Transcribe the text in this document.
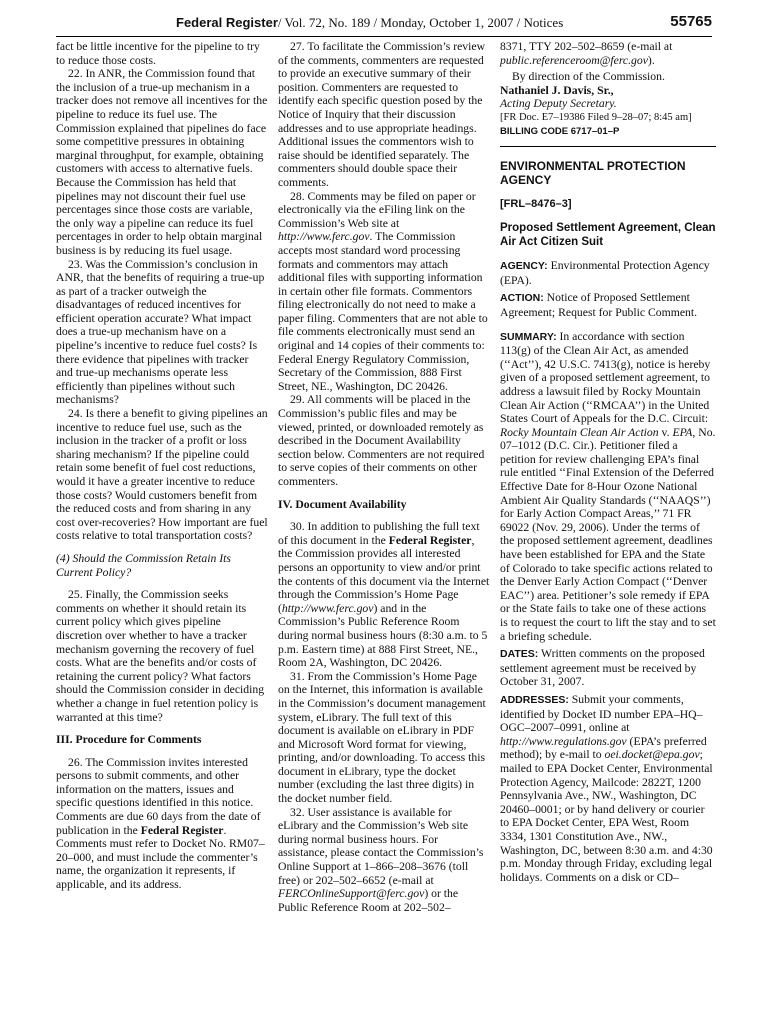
Federal Register/ Vol. 72, No. 189 / Monday, October 1, 2007 / Notices	55765

fact be little incentive for the pipeline to try to reduce those costs.

22. In ANR, the Commission found that the inclusion of a true-up mechanism in a tracker does not remove all incentives for the pipeline to reduce its fuel use. The Commission explained that pipelines do face some competitive pressures in obtaining marginal throughput, for example, obtaining customers with access to alternative fuels. Because the Commission has held that pipelines may not discount their fuel use percentages since those costs are variable, the only way a pipeline can reduce its fuel percentages in order to help obtain marginal business is by reducing its fuel usage.

23. Was the Commission’s conclusion in ANR, that the benefits of requiring a true-up as part of a tracker outweigh the disadvantages of reduced incentives for efficient operation accurate? What impact does a true-up mechanism have on a pipeline’s incentive to reduce fuel costs? Is there evidence that pipelines with tracker and true-up mechanisms operate less efficiently than pipelines without such mechanisms?

24. Is there a benefit to giving pipelines an incentive to reduce fuel use, such as the inclusion in the tracker of a profit or loss sharing mechanism? If the pipeline could retain some benefit of fuel cost reductions, would it have a greater incentive to reduce those costs? Would customers benefit from the reduced costs and from sharing in any cost over-recoveries? How important are fuel costs relative to total transportation costs?

(4) Should the Commission Retain Its Current Policy?

25. Finally, the Commission seeks comments on whether it should retain its current policy which gives pipeline discretion over whether to have a tracker mechanism governing the recovery of fuel costs. What are the benefits and/or costs of retaining the current policy? What factors should the Commission consider in deciding whether a change in fuel retention policy is warranted at this time?

III. Procedure for Comments

26. The Commission invites interested persons to submit comments, and other information on the matters, issues and specific questions identified in this notice. Comments are due 60 days from the date of publication in the Federal Register. Comments must refer to Docket No. RM07–20–000, and must include the commenter’s name, the organization it represents, if applicable, and its address.

27. To facilitate the Commission’s review of the comments, commenters are requested to provide an executive summary of their position. Commenters are requested to identify each specific question posed by the Notice of Inquiry that their discussion addresses and to use appropriate headings. Additional issues the commentors wish to raise should be identified separately. The commenters should double space their comments.

28. Comments may be filed on paper or electronically via the eFiling link on the Commission’s Web site at http://www.ferc.gov. The Commission accepts most standard word processing formats and commentors may attach additional files with supporting information in certain other file formats. Commentors filing electronically do not need to make a paper filing. Commenters that are not able to file comments electronically must send an original and 14 copies of their comments to: Federal Energy Regulatory Commission, Secretary of the Commission, 888 First Street, NE., Washington, DC 20426.

29. All comments will be placed in the Commission’s public files and may be viewed, printed, or downloaded remotely as described in the Document Availability section below. Commenters are not required to serve copies of their comments on other commenters.

IV. Document Availability

30. In addition to publishing the full text of this document in the Federal Register, the Commission provides all interested persons an opportunity to view and/or print the contents of this document via the Internet through the Commission’s Home Page (http://www.ferc.gov) and in the Commission’s Public Reference Room during normal business hours (8:30 a.m. to 5 p.m. Eastern time) at 888 First Street, NE., Room 2A, Washington, DC 20426.

31. From the Commission’s Home Page on the Internet, this information is available in the Commission’s document management system, eLibrary. The full text of this document is available on eLibrary in PDF and Microsoft Word format for viewing, printing, and/or downloading. To access this document in eLibrary, type the docket number (excluding the last three digits) in the docket number field.

32. User assistance is available for eLibrary and the Commission’s Web site during normal business hours. For assistance, please contact the Commission’s Online Support at 1–866–208–3676 (toll free) or 202–502–6652 (e-mail at FERCOnlineSupport@ferc.gov) or the Public Reference Room at 202–502–

8371, TTY 202–502–8659 (e-mail at public.referenceroom@ferc.gov).

By direction of the Commission.

Nathaniel J. Davis, Sr.,

Acting Deputy Secretary.

[FR Doc. E7–19386 Filed 9–28–07; 8:45 am]

BILLING CODE 6717–01–P

ENVIRONMENTAL PROTECTION AGENCY

[FRL–8476–3]

Proposed Settlement Agreement, Clean Air Act Citizen Suit

AGENCY: Environmental Protection Agency (EPA).

ACTION: Notice of Proposed Settlement Agreement; Request for Public Comment.

SUMMARY: In accordance with section 113(g) of the Clean Air Act, as amended (‘‘Act’’), 42 U.S.C. 7413(g), notice is hereby given of a proposed settlement agreement, to address a lawsuit filed by Rocky Mountain Clean Air Action (‘‘RMCAA’’) in the United States Court of Appeals for the D.C. Circuit: Rocky Mountain Clean Air Action v. EPA, No. 07–1012 (D.C. Cir.). Petitioner filed a petition for review challenging EPA’s final rule entitled ‘‘Final Extension of the Deferred Effective Date for 8-Hour Ozone National Ambient Air Quality Standards (‘‘NAAQS’’) for Early Action Compact Areas,’’ 71 FR 69022 (Nov. 29, 2006). Under the terms of the proposed settlement agreement, deadlines have been established for EPA and the State of Colorado to take specific actions related to the Denver Early Action Compact (‘‘Denver EAC’’) area. Petitioner’s sole remedy if EPA or the State fails to take one of these actions is to request the court to lift the stay and to set a briefing schedule.

DATES: Written comments on the proposed settlement agreement must be received by October 31, 2007.

ADDRESSES: Submit your comments, identified by Docket ID number EPA–HQ–OGC–2007–0991, online at http://www.regulations.gov (EPA’s preferred method); by e-mail to oei.docket@epa.gov; mailed to EPA Docket Center, Environmental Protection Agency, Mailcode: 2822T, 1200 Pennsylvania Ave., NW., Washington, DC 20460–0001; or by hand delivery or courier to EPA Docket Center, EPA West, Room 3334, 1301 Constitution Ave., NW., Washington, DC, between 8:30 a.m. and 4:30 p.m. Monday through Friday, excluding legal holidays. Comments on a disk or CD–
